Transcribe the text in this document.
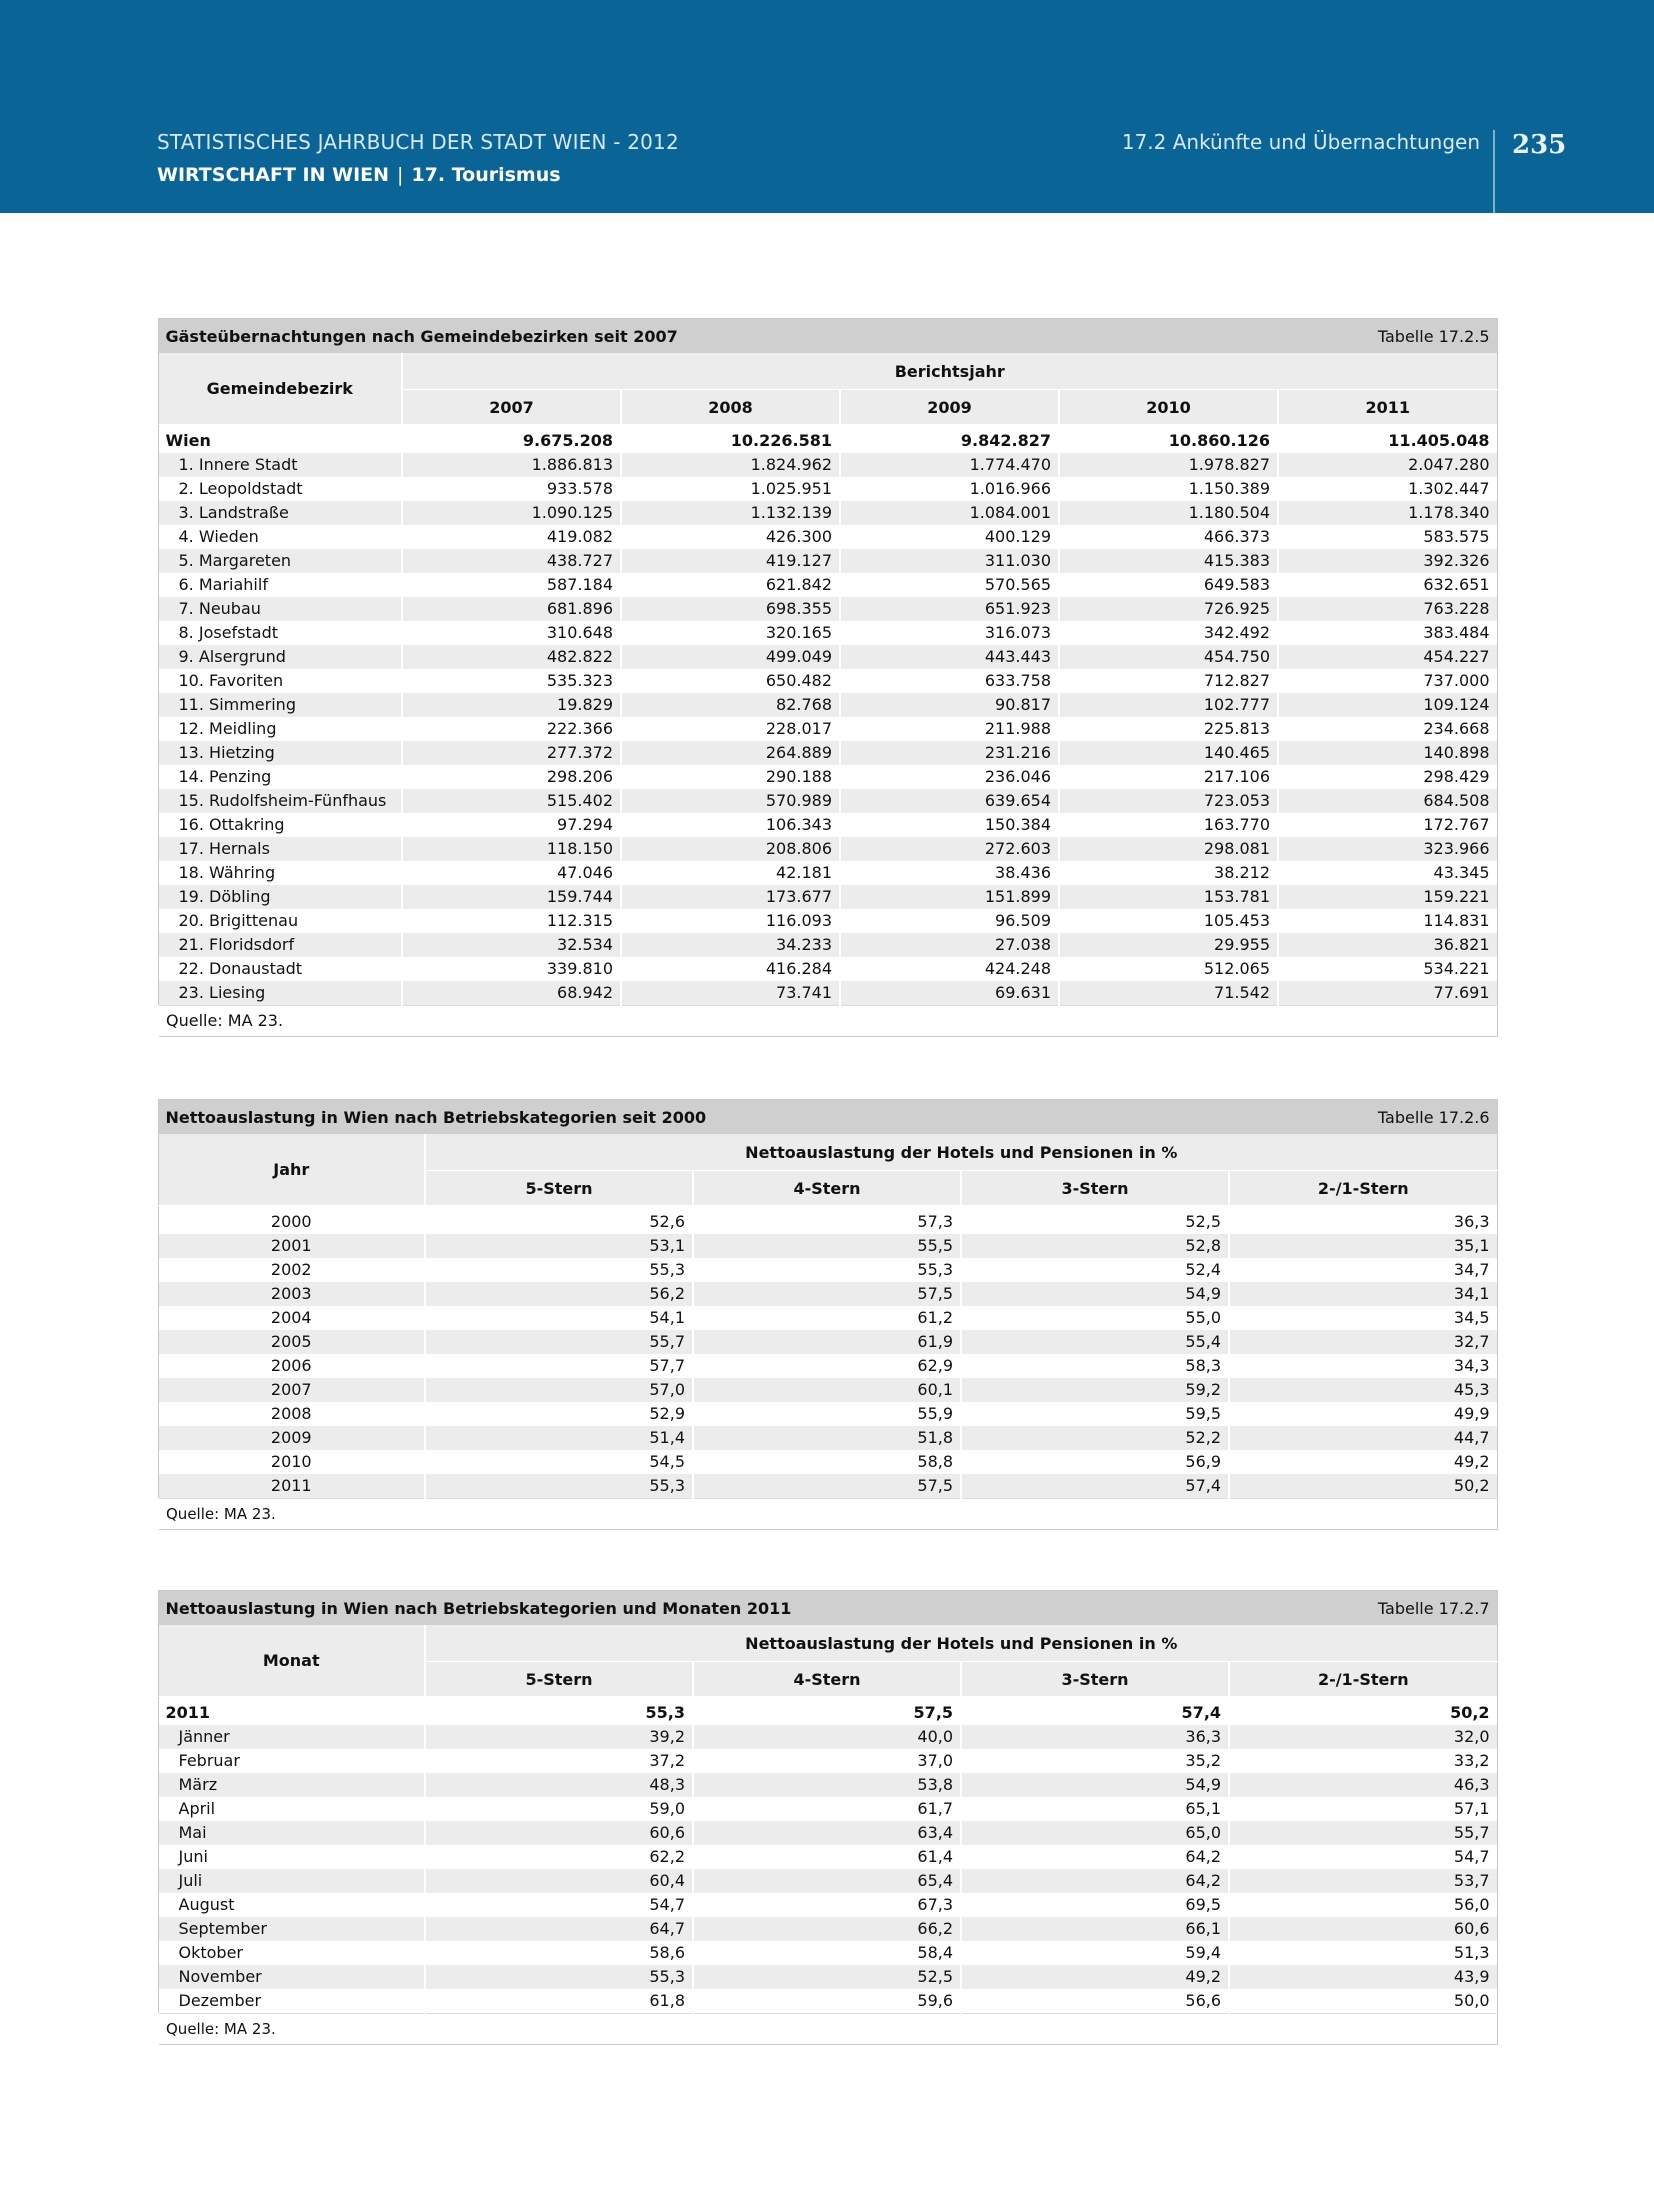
STATISTISCHES JAHRBUCH DER STADT WIEN - 2012
WIRTSCHAFT IN WIEN | 17. Tourismus
17.2 Ankünfte und Übernachtungen 235
Gästeübernachtungen nach Gemeindebezirken seit 2007				Tabelle 17.2.5	
Gemeindebezirk	Berichtsjahr				
	2007	2008	2009	2010	2011
Wien	9.675.208	10.226.581	9.842.827	10.860.126	11.405.048
1. Innere Stadt	1.886.813	1.824.962	1.774.470	1.978.827	2.047.280
2. Leopoldstadt	933.578	1.025.951	1.016.966	1.150.389	1.302.447
3. Landstraße	1.090.125	1.132.139	1.084.001	1.180.504	1.178.340
4. Wieden	419.082	426.300	400.129	466.373	583.575
5. Margareten	438.727	419.127	311.030	415.383	392.326
6. Mariahilf	587.184	621.842	570.565	649.583	632.651
7. Neubau	681.896	698.355	651.923	726.925	763.228
8. Josefstadt	310.648	320.165	316.073	342.492	383.484
9. Alsergrund	482.822	499.049	443.443	454.750	454.227
10. Favoriten	535.323	650.482	633.758	712.827	737.000
11. Simmering	19.829	82.768	90.817	102.777	109.124
12. Meidling	222.366	228.017	211.988	225.813	234.668
13. Hietzing	277.372	264.889	231.216	140.465	140.898
14. Penzing	298.206	290.188	236.046	217.106	298.429
15. Rudolfsheim-Fünfhaus	515.402	570.989	639.654	723.053	684.508
16. Ottakring	97.294	106.343	150.384	163.770	172.767
17. Hernals	118.150	208.806	272.603	298.081	323.966
18. Währing	47.046	42.181	38.436	38.212	43.345
19. Döbling	159.744	173.677	151.899	153.781	159.221
20. Brigittenau	112.315	116.093	96.509	105.453	114.831
21. Floridsdorf	32.534	34.233	27.038	29.955	36.821
22. Donaustadt	339.810	416.284	424.248	512.065	534.221
23. Liesing	68.942	73.741	69.631	71.542	77.691
Quelle: MA 23.					
Nettoauslastung in Wien nach Betriebskategorien seit 2000			Tabelle 17.2.6	
Jahr	Nettoauslastung der Hotels und Pensionen in %			
	5-Stern	4-Stern	3-Stern	2-/1-Stern
2000	52,6	57,3	52,5	36,3
2001	53,1	55,5	52,8	35,1
2002	55,3	55,3	52,4	34,7
2003	56,2	57,5	54,9	34,1
2004	54,1	61,2	55,0	34,5
2005	55,7	61,9	55,4	32,7
2006	57,7	62,9	58,3	34,3
2007	57,0	60,1	59,2	45,3
2008	52,9	55,9	59,5	49,9
2009	51,4	51,8	52,2	44,7
2010	54,5	58,8	56,9	49,2
2011	55,3	57,5	57,4	50,2
Quelle: MA 23.				
Nettoauslastung in Wien nach Betriebskategorien und Monaten 2011			Tabelle 17.2.7	
Monat	Nettoauslastung der Hotels und Pensionen in %			
	5-Stern	4-Stern	3-Stern	2-/1-Stern
2011	55,3	57,5	57,4	50,2
Jänner	39,2	40,0	36,3	32,0
Februar	37,2	37,0	35,2	33,2
März	48,3	53,8	54,9	46,3
April	59,0	61,7	65,1	57,1
Mai	60,6	63,4	65,0	55,7
Juni	62,2	61,4	64,2	54,7
Juli	60,4	65,4	64,2	53,7
August	54,7	67,3	69,5	56,0
September	64,7	66,2	66,1	60,6
Oktober	58,6	58,4	59,4	51,3
November	55,3	52,5	49,2	43,9
Dezember	61,8	59,6	56,6	50,0
Quelle: MA 23.				
